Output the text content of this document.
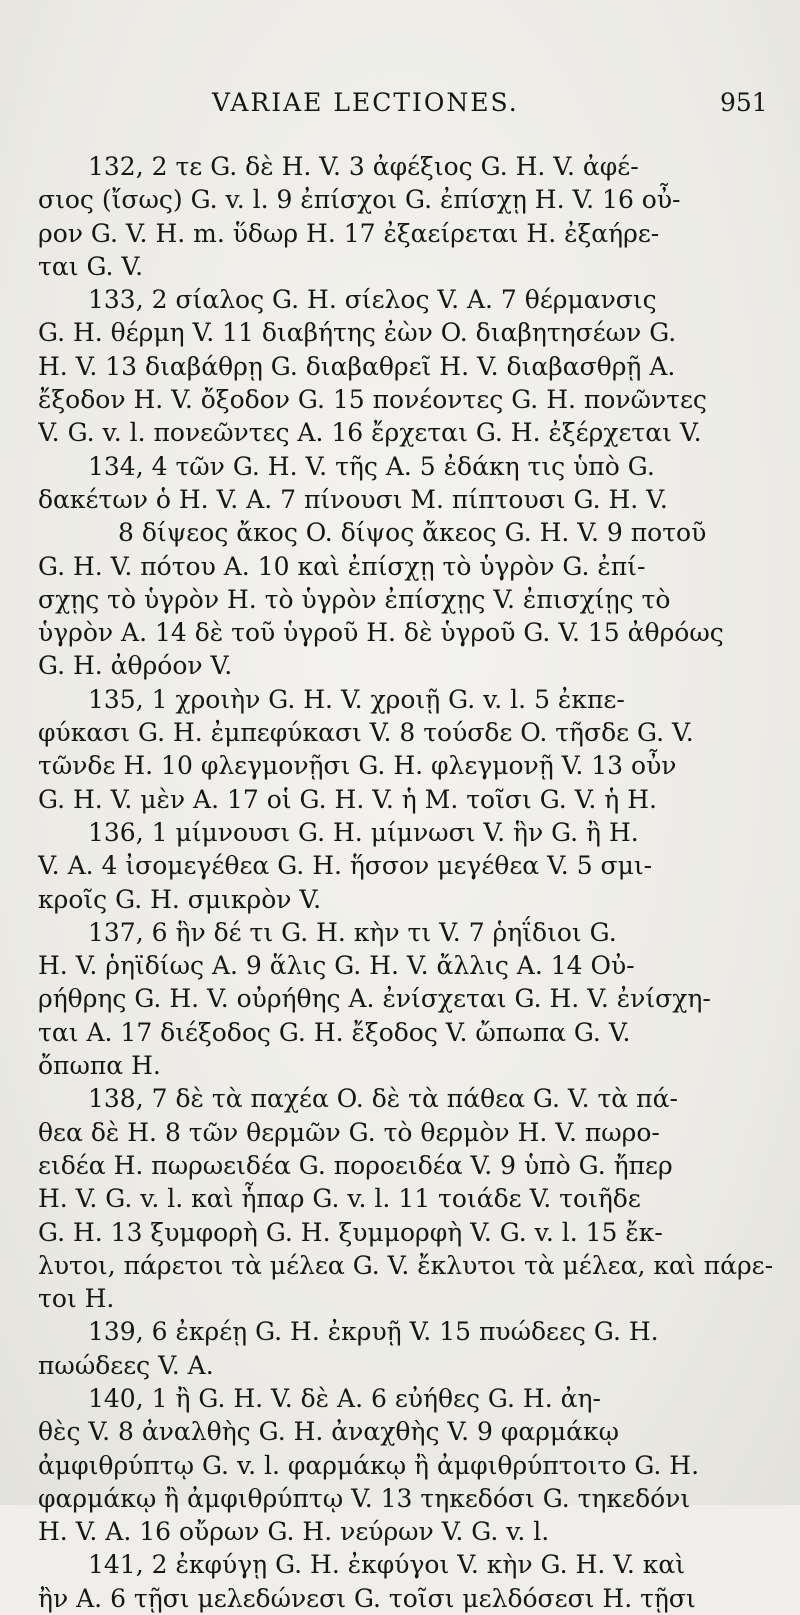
VARIAE LECTIONES.	951
132, 2 τε G. δὲ H. V. 3 ἀφέξιος G. H. V. ἀφέ-
σιος (ἴσως) G. v. l. 9 ἐπίσχοι G. ἐπίσχῃ H. V. 16 οὖ-
ρον G. V. H. m. ὕδωρ H. 17 ἐξαείρεται H. ἐξαήρε-
ται G. V.
133, 2 σίαλος G. H. σίελος V. A. 7 θέρμανσις
G. H. θέρμη V. 11 διαβήτης ἐὼν O. διαβητησέων G.
H. V. 13 διαβάθρῃ G. διαβαθρεῖ H. V. διαβασθρῇ A.
ἔξοδον H. V. ὄξοδον G. 15 πονέοντες G. H. πονῶντες
V. G. v. l. πονεῶντες A. 16 ἔρχεται G. H. ἐξέρχεται V.
134, 4 τῶν G. H. V. τῆς A. 5 ἐδάκη τις ὑπὸ G.
δακέτων ὁ H. V. A. 7 πίνουσι M. πίπτουσι G. H. V.
8 δίψεος ἄκος O. δίψος ἄκεος G. H. V. 9 ποτοῦ
G. H. V. πότου A. 10 καὶ ἐπίσχῃ τὸ ὑγρὸν G. ἐπί-
σχῃς τὸ ὑγρὸν H. τὸ ὑγρὸν ἐπίσχῃς V. ἐπισχίῃς τὸ
ὑγρὸν A. 14 δὲ τοῦ ὑγροῦ H. δὲ ὑγροῦ G. V. 15 ἀθρόως
G. H. ἀθρόον V.
135, 1 χροιὴν G. H. V. χροιῇ G. v. l. 5 ἐκπε-
φύκασι G. H. ἐμπεφύκασι V. 8 τούσδε O. τῆσδε G. V.
τῶνδε H. 10 φλεγμονῇσι G. H. φλεγμονῇ V. 13 οὖν
G. H. V. μὲν A. 17 οἱ G. H. V. ἡ M. τοῖσι G. V. ἡ H.
136, 1 μίμνουσι G. H. μίμνωσι V. ἣν G. ἢ H.
V. A. 4 ἰσομεγέθεα G. H. ἥσσον μεγέθεα V. 5 σμι-
κροῖς G. H. σμικρὸν V.
137, 6 ἣν δέ τι G. H. κὴν τι V. 7 ῥηΐδιοι G.
H. V. ῥηϊδίως A. 9 ἅλις G. H. V. ἄλλις A. 14 Οὐ-
ρήθρης G. H. V. οὐρήθης A. ἐνίσχεται G. H. V. ἐνίσχη-
ται A. 17 διέξοδος G. H. ἔξοδος V. ὤπωπα G. V.
ὄπωπα H.
138, 7 δὲ τὰ παχέα O. δὲ τὰ πάθεα G. V. τὰ πά-
θεα δὲ H. 8 τῶν θερμῶν G. τὸ θερμὸν H. V. πωρο-
ειδέα H. πωρωειδέα G. ποροειδέα V. 9 ὑπὸ G. ἤπερ
H. V. G. v. l. καὶ ἧπαρ G. v. l. 11 τοιάδε V. τοιῆδε
G. H. 13 ξυμφορὴ G. H. ξυμμορφὴ V. G. v. l. 15 ἔκ-
λυτοι, πάρετοι τὰ μέλεα G. V. ἔκλυτοι τὰ μέλεα, καὶ πάρε-
τοι H.
139, 6 ἐκρέῃ G. H. ἐκρυῇ V. 15 πυώδεες G. H.
πωώδεες V. A.
140, 1 ἢ G. H. V. δὲ A. 6 εὐήθες G. H. ἀη-
θὲς V. 8 ἀναλθὴς G. H. ἀναχθὴς V. 9 φαρμάκῳ
ἀμφιθρύπτῳ G. v. l. φαρμάκῳ ἢ ἀμφιθρύπτοιτο G. H.
φαρμάκῳ ἢ ἀμφιθρύπτῳ V. 13 τηκεδόσι G. τηκεδόνι
H. V. A. 16 οὔρων G. H. νεύρων V. G. v. l.
141, 2 ἐκφύγῃ G. H. ἐκφύγοι V. κὴν G. H. V. καὶ
ἢν A. 6 τῇσι μελεδώνεσι G. τοῖσι μελδόσεσι H. τῇσι
